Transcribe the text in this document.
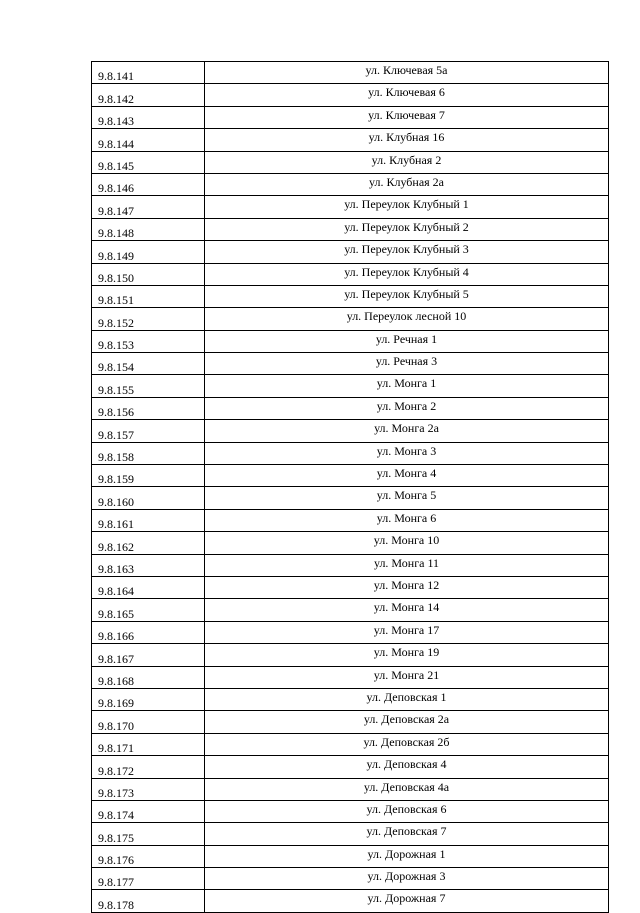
9.8.141	ул. Ключевая 5а
9.8.142	ул. Ключевая 6
9.8.143	ул. Ключевая 7
9.8.144	ул. Клубная 16
9.8.145	ул. Клубная 2
9.8.146	ул. Клубная 2а
9.8.147	ул. Переулок Клубный 1
9.8.148	ул. Переулок Клубный 2
9.8.149	ул. Переулок Клубный 3
9.8.150	ул. Переулок Клубный 4
9.8.151	ул. Переулок Клубный 5
9.8.152	ул. Переулок лесной 10
9.8.153	ул. Речная 1
9.8.154	ул. Речная 3
9.8.155	ул. Монга 1
9.8.156	ул. Монга 2
9.8.157	ул. Монга 2а
9.8.158	ул. Монга 3
9.8.159	ул. Монга 4
9.8.160	ул. Монга 5
9.8.161	ул. Монга 6
9.8.162	ул. Монга 10
9.8.163	ул. Монга 11
9.8.164	ул. Монга 12
9.8.165	ул. Монга 14
9.8.166	ул. Монга 17
9.8.167	ул. Монга 19
9.8.168	ул. Монга 21
9.8.169	ул. Деповская 1
9.8.170	ул. Деповская 2а
9.8.171	ул. Деповская 2б
9.8.172	ул. Деповская 4
9.8.173	ул. Деповская 4а
9.8.174	ул. Деповская 6
9.8.175	ул. Деповская 7
9.8.176	ул. Дорожная 1
9.8.177	ул. Дорожная 3
9.8.178	ул. Дорожная 7
